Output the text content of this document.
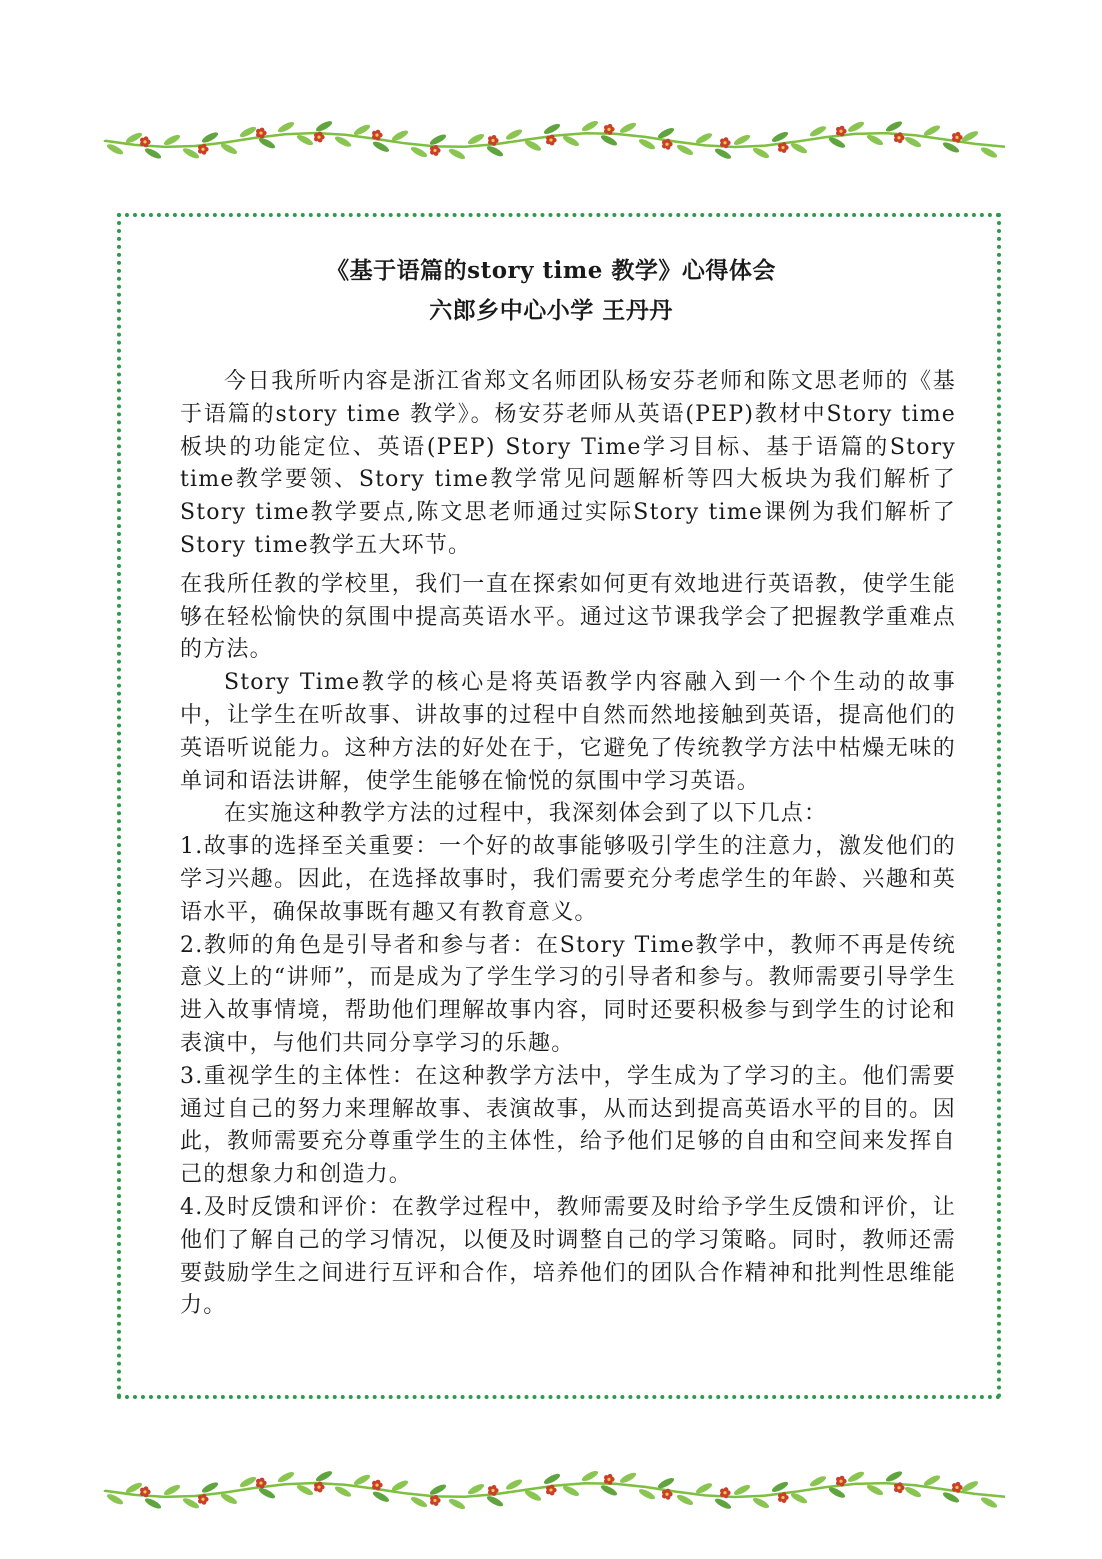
《基于语篇的story time 教学》心得体会
六郎乡中心小学 王丹丹

今日我所听内容是浙江省郑文名师团队杨安芬老师和陈文思老师的《基于语篇的story time 教学》。杨安芬老师从英语(PEP)教材中Story time板块的功能定位、英语(PEP) Story Time学习目标、基于语篇的Story time教学要领、Story time教学常见问题解析等四大板块为我们解析了Story time教学要点,陈文思老师通过实际Story time课例为我们解析了Story time教学五大环节。

在我所任教的学校里，我们一直在探索如何更有效地进行英语教，使学生能够在轻松愉快的氛围中提高英语水平。通过这节课我学会了把握教学重难点的方法。

Story Time教学的核心是将英语教学内容融入到一个个生动的故事中，让学生在听故事、讲故事的过程中自然而然地接触到英语，提高他们的英语听说能力。这种方法的好处在于，它避免了传统教学方法中枯燥无味的单词和语法讲解，使学生能够在愉悦的氛围中学习英语。

在实施这种教学方法的过程中，我深刻体会到了以下几点：

1.故事的选择至关重要：一个好的故事能够吸引学生的注意力，激发他们的学习兴趣。因此，在选择故事时，我们需要充分考虑学生的年龄、兴趣和英语水平，确保故事既有趣又有教育意义。

2.教师的角色是引导者和参与者：在Story Time教学中，教师不再是传统意义上的“讲师”，而是成为了学生学习的引导者和参与。教师需要引导学生进入故事情境，帮助他们理解故事内容，同时还要积极参与到学生的讨论和表演中，与他们共同分享学习的乐趣。

3.重视学生的主体性：在这种教学方法中，学生成为了学习的主。他们需要通过自己的努力来理解故事、表演故事，从而达到提高英语水平的目的。因此，教师需要充分尊重学生的主体性，给予他们足够的自由和空间来发挥自己的想象力和创造力。

4.及时反馈和评价：在教学过程中，教师需要及时给予学生反馈和评价，让他们了解自己的学习情况，以便及时调整自己的学习策略。同时，教师还需要鼓励学生之间进行互评和合作，培养他们的团队合作精神和批判性思维能力。
